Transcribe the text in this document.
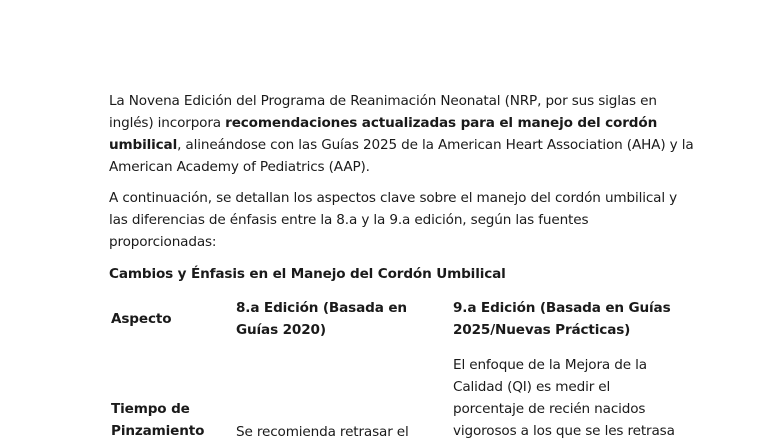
La Novena Edición del Programa de Reanimación Neonatal (NRP, por sus siglas en inglés) incorpora recomendaciones actualizadas para el manejo del cordón umbilical, alineándose con las Guías 2025 de la American Heart Association (AHA) y la American Academy of Pediatrics (AAP).

A continuación, se detallan los aspectos clave sobre el manejo del cordón umbilical y las diferencias de énfasis entre la 8.a y la 9.a edición, según las fuentes proporcionadas:

Cambios y Énfasis en el Manejo del Cordón Umbilical

Aspecto

8.a Edición (Basada en Guías 2020)

9.a Edición (Basada en Guías 2025/Nuevas Prácticas)

Tiempo de Pinzamiento	Se recomienda retrasar el

El enfoque de la Mejora de la Calidad (QI) es medir el porcentaje de recién nacidos vigorosos a los que se les retrasa
